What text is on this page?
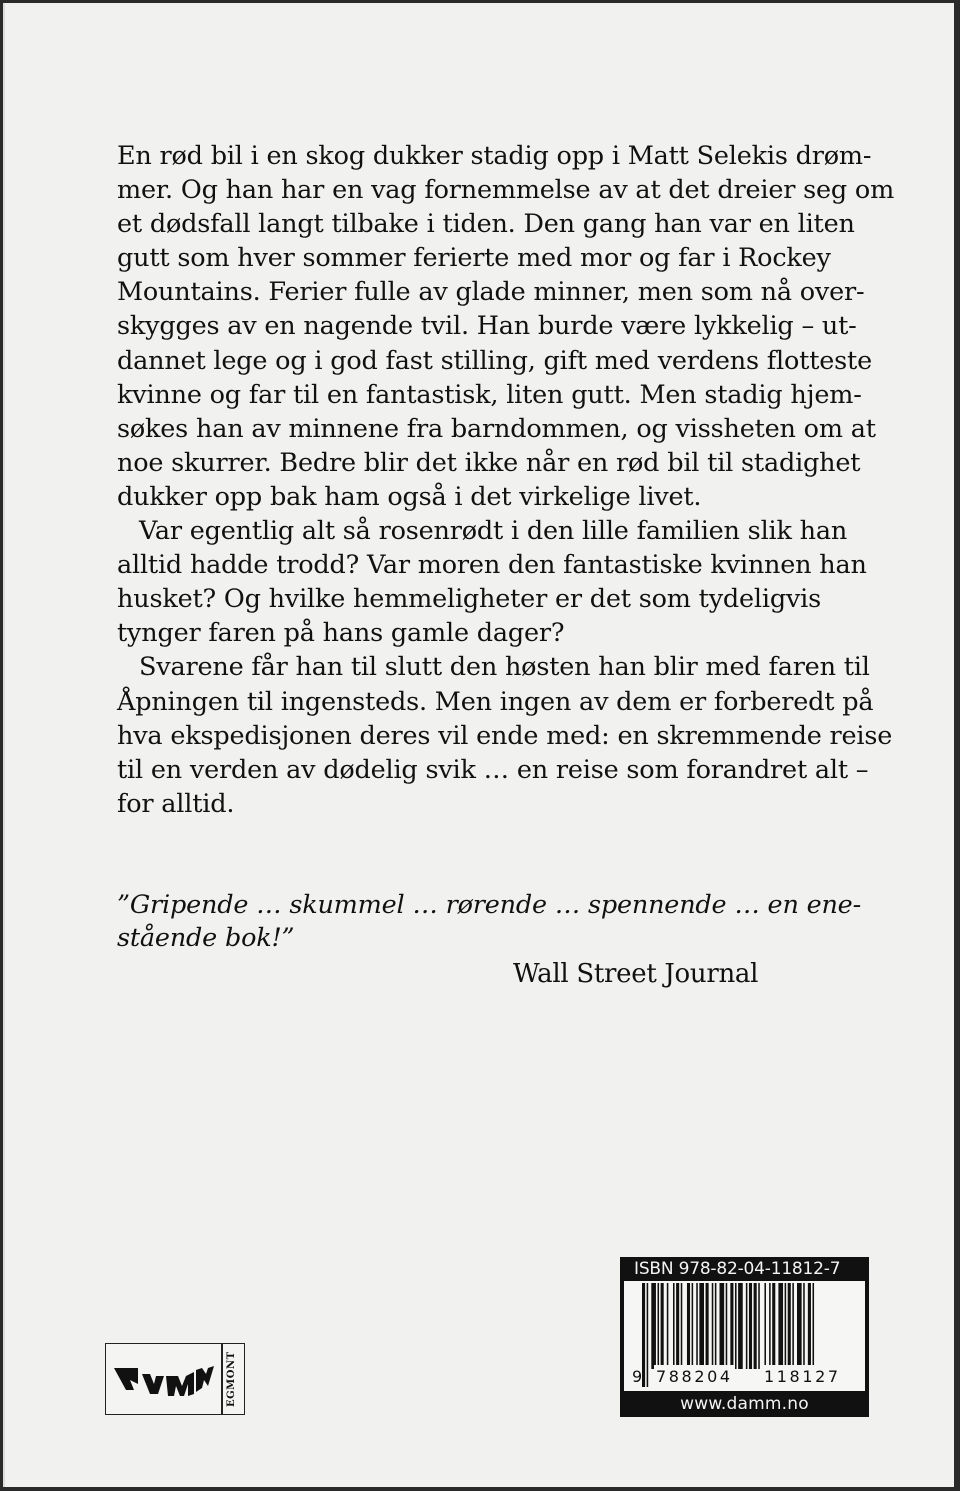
En rød bil i en skog dukker stadig opp i Matt Selekis drøm-
mer. Og han har en vag fornemmelse av at det dreier seg om
et dødsfall langt tilbake i tiden. Den gang han var en liten
gutt som hver sommer ferierte med mor og far i Rockey
Mountains. Ferier fulle av glade minner, men som nå over-
skygges av en nagende tvil. Han burde være lykkelig – ut-
dannet lege og i god fast stilling, gift med verdens flotteste
kvinne og far til en fantastisk, liten gutt. Men stadig hjem-
søkes han av minnene fra barndommen, og vissheten om at
noe skurrer. Bedre blir det ikke når en rød bil til stadighet
dukker opp bak ham også i det virkelige livet.
Var egentlig alt så rosenrødt i den lille familien slik han
alltid hadde trodd? Var moren den fantastiske kvinnen han
husket? Og hvilke hemmeligheter er det som tydeligvis
tynger faren på hans gamle dager?
Svarene får han til slutt den høsten han blir med faren til
Åpningen til ingensteds. Men ingen av dem er forberedt på
hva ekspedisjonen deres vil ende med: en skremmende reise
til en verden av dødelig svik … en reise som forandret alt –
for alltid.
”Gripende … skummel … rørende … spennende … en ene-
stående bok!”
Wall Street Journal
EGMONT
ISBN 978-82-04-11812-7
9 788204 118127
www.damm.no
